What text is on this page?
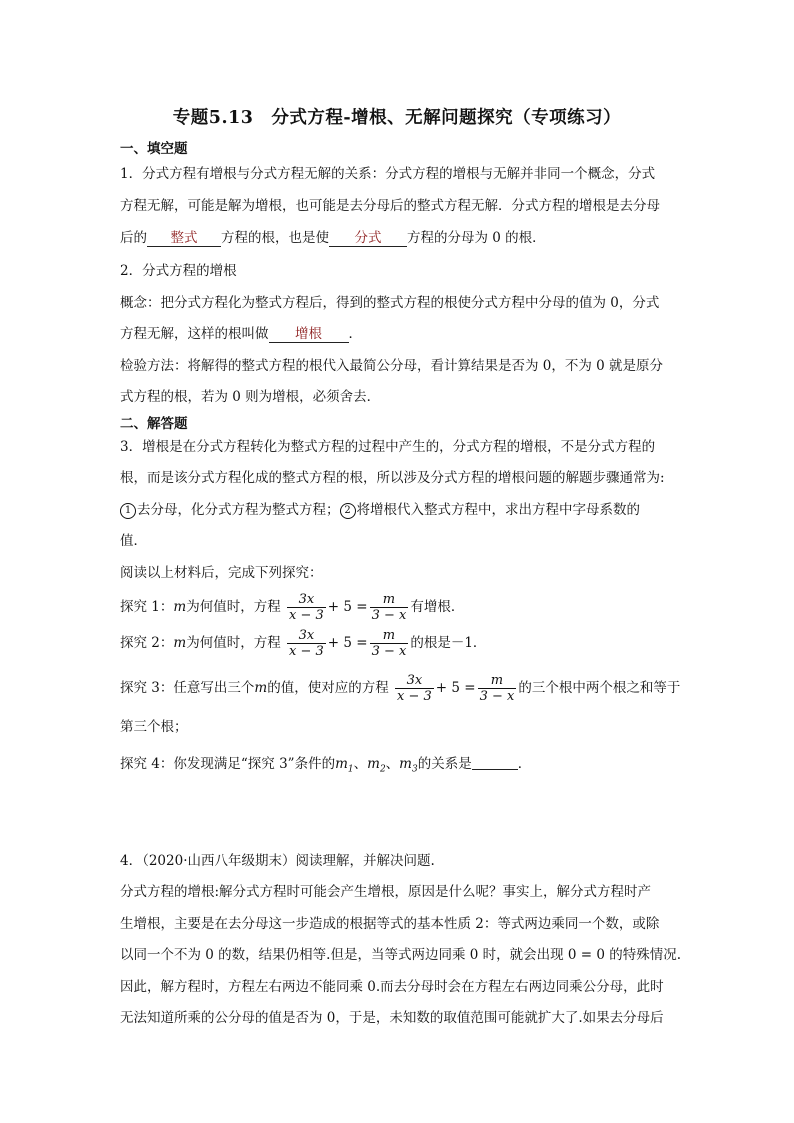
专题5.13　分式方程-增根、无解问题探究（专项练习）
一、填空题
1．分式方程有增根与分式方程无解的关系：分式方程的增根与无解并非同一个概念，分式
方程无解，可能是解为增根，也可能是去分母后的整式方程无解．分式方程的增根是去分母
后的 整式 方程的根，也是使 分式 方程的分母为 0 的根．
2．分式方程的增根
概念：把分式方程化为整式方程后，得到的整式方程的根使分式方程中分母的值为 0，分式
方程无解，这样的根叫做 增根 ．
检验方法：将解得的整式方程的根代入最简公分母，看计算结果是否为 0，不为 0 就是原分
式方程的根，若为 0 则为增根，必须舍去．
二、解答题
3．增根是在分式方程转化为整式方程的过程中产生的，分式方程的增根，不是分式方程的
根，而是该分式方程化成的整式方程的根，所以涉及分式方程的增根问题的解题步骤通常为:
1 去分母，化分式方程为整式方程； 2 将增根代入整式方程中，求出方程中字母系数的
值．
阅读以上材料后，完成下列探究：
探究 1：m为何值时，方程 $\frac{3x}{x - 3} + 5 = \frac{m}{3 - x}$ 有增根．
探究 2：m为何值时，方程 $\frac{3x}{x - 3} + 5 = \frac{m}{3 - x}$ 的根是－1．
探究 3：任意写出三个m的值，使对应的方程 $\frac{3x}{x - 3} + 5 = \frac{m}{3 - x}$ 的三个根中两个根之和等于
第三个根；
探究 4：你发现满足“探究 3”条件的$m_1$、$m_2$、$m_3$的关系是	．
4．（2020·山西八年级期末）阅读理解，并解决问题.
分式方程的增根:解分式方程时可能会产生增根，原因是什么呢？事实上，解分式方程时产
生增根，主要是在去分母这一步造成的根据等式的基本性质 2：等式两边乘同一个数，或除
以同一个不为 0 的数，结果仍相等.但是，当等式两边同乘 0 时，就会出现 0 = 0 的特殊情况.
因此，解方程时，方程左右两边不能同乘 0.而去分母时会在方程左右两边同乘公分母，此时
无法知道所乘的公分母的值是否为 0，于是，未知数的取值范围可能就扩大了.如果去分母后
